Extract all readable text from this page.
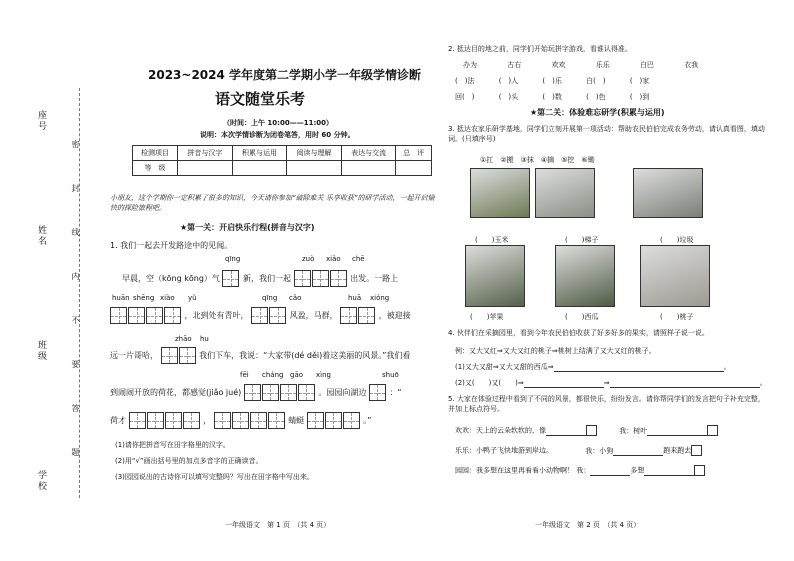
座号
姓名
班级
学校
密　封　线　内　不　要　答　题
2023~2024 学年度第二学期小学一年级学情诊断
语文随堂乐考
（时间：上午 10:00——11:00）
说明：本次学情诊断为闭卷笔答，用时 60 分钟。
检测项目	拼音与汉字	积累与运用	阅读与理解	表达与交流	总　评
等　级					
小朋友，这个学期你一定积累了很多的知识，今天请你参加“破除难关 乐享收获”的研学活动，一起开启愉快的探险旅程吧。
★第一关：开启快乐行程(拼音与汉字)
1. 我们一起去开发路途中的见闻。
qīng	zuò xiǎo chē
早晨，空（kōng kōng）气	新，我们一起	出发。一路上
huān shēng xiào yǔ	qīng cǎo	huā xióng
，北到处有青叶，	风盈，马群，	，被迎接
zhāo hu
远一片哥哈，	我们下车，我说：“大家带(dé děi)着这美丽的风景。”我们看
fēi cháng gāo xìng	shuō
到闹闹开放的荷花，都感觉(jiǎo jué)	。园园向湖边	：“
荷才	，	蜻蜓	。”
(1)请你把拼音写在田字格里的汉字。
(2)用“√”画出括号里的加点多音字的正确读音。
(3)园园说出的古诗你可以填写完整吗？写出在田字格中写出来。
一年级语文　第 1 页　（共 4 页）
2. 抵达目的地之前，同学们开始玩拼字游戏，看谁认得准。
办为	古右	欢欢	乐乐	白巴	衣我
(　)法	(　)人	(　)乐	白(　)	(　)家
回(　)	(　)头	(　)数	(　)色	(　)到
★第二关：体验难忘研学(积累与运用)
3. 抵达农家乐研学基地，同学们立刻开展第一项活动：帮助农民伯伯完成农务劳动，请认真看图，填动词。(只填序号)
①扛　②搬　③抹　④摘　⑤挖　⑥锄
(　　)玉米	(　　)梯子	(　　)垃圾
(　　)苹果	(　　)西瓜	(　　)桃子
4. 伙伴们在采摘园里，看到今年农民伯伯收获了好多好多的果实，请照样子说一说。
例：又大又红⇒又大又红的桃子⇒桃树上结满了又大又红的桃子。
(1)又大又甜⇒又大又甜的西瓜⇒	。
(2)又(　　)又(　　)⇒	⇒	。
5. 大家在体验过程中看到了不同的风景，都很快乐，纷纷发言。请你帮同学们的发言把句子补充完整，并加上标点符号。
欢欢：天上的云朵软软的，像	我：树叶
乐乐：小鸭子飞快地游到岸边。	我：小狗	跑来跑去
园园：我多想在这里再看看小动物啊！ 我：	多想
一年级语文　第 2 页　（共 4 页）
